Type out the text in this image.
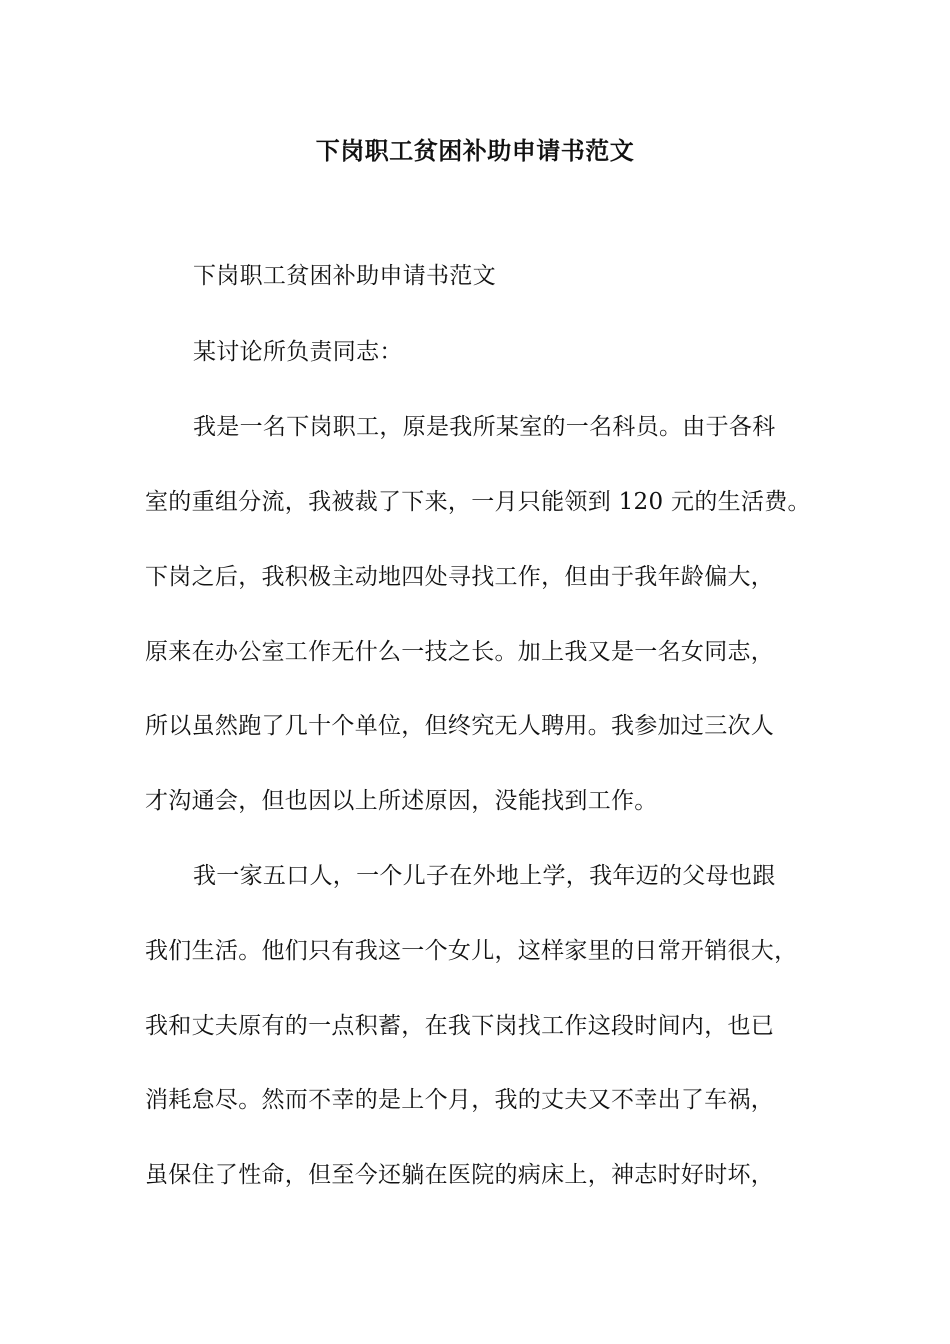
下岗职工贫困补助申请书范文
下岗职工贫困补助申请书范文
某讨论所负责同志：
我是一名下岗职工，原是我所某室的一名科员。由于各科
室的重组分流，我被裁了下来，一月只能领到 120 元的生活费。
下岗之后，我积极主动地四处寻找工作，但由于我年龄偏大，
原来在办公室工作无什么一技之长。加上我又是一名女同志，
所以虽然跑了几十个单位，但终究无人聘用。我参加过三次人
才沟通会，但也因以上所述原因，没能找到工作。
我一家五口人，一个儿子在外地上学，我年迈的父母也跟
我们生活。他们只有我这一个女儿，这样家里的日常开销很大，
我和丈夫原有的一点积蓄，在我下岗找工作这段时间内，也已
消耗怠尽。然而不幸的是上个月，我的丈夫又不幸出了车祸，
虽保住了性命，但至今还躺在医院的病床上，神志时好时坏，
